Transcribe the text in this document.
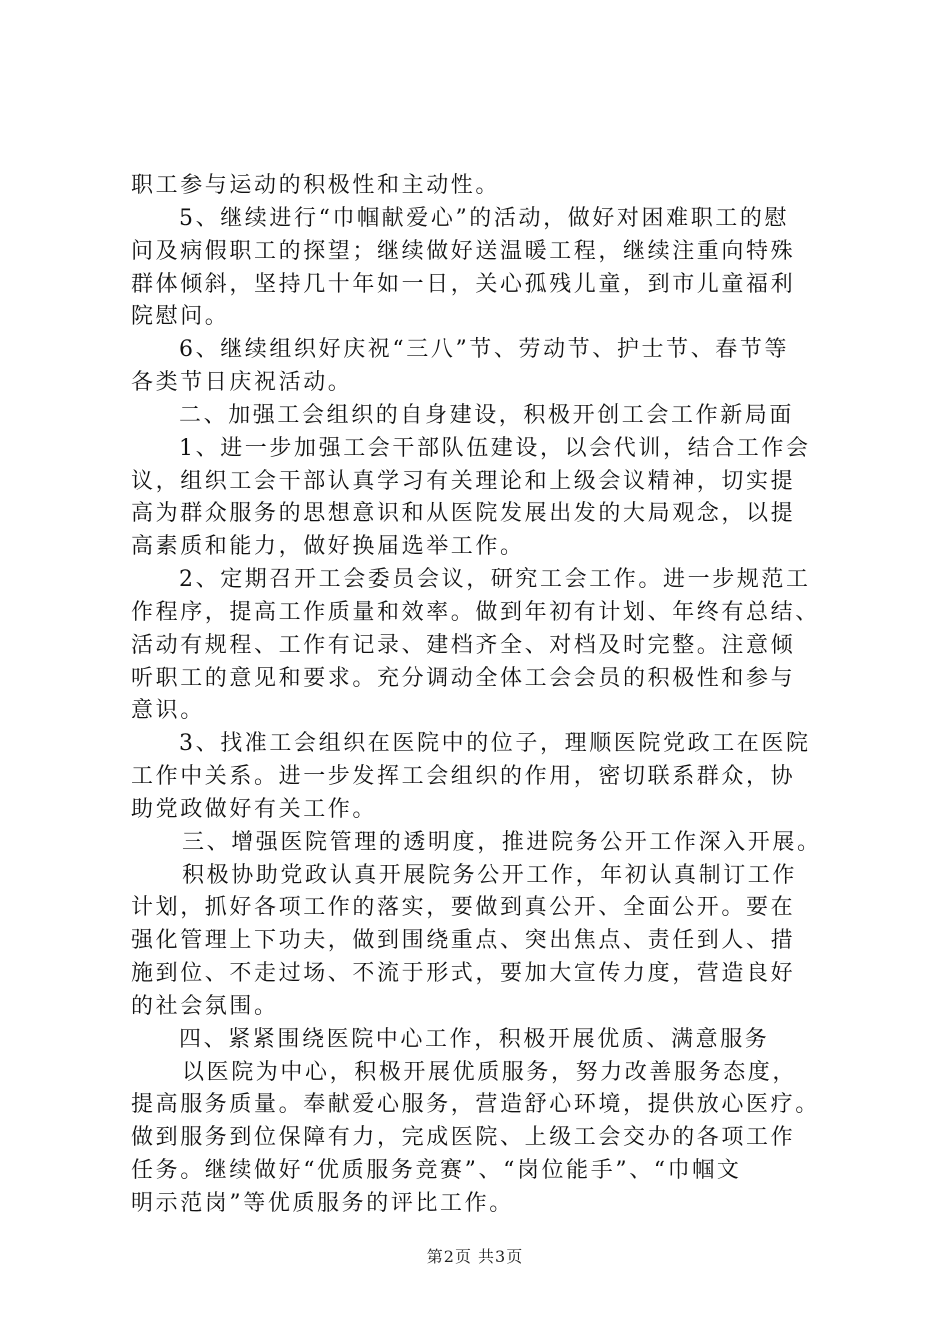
职工参与运动的积极性和主动性。
5、继续进行“巾帼献爱心”的活动，做好对困难职工的慰
问及病假职工的探望；继续做好送温暖工程，继续注重向特殊
群体倾斜，坚持几十年如一日，关心孤残儿童，到市儿童福利
院慰问。
6、继续组织好庆祝“三八”节、劳动节、护士节、春节等
各类节日庆祝活动。
二、加强工会组织的自身建设，积极开创工会工作新局面
1、进一步加强工会干部队伍建设，以会代训，结合工作会
议，组织工会干部认真学习有关理论和上级会议精神，切实提
高为群众服务的思想意识和从医院发展出发的大局观念，以提
高素质和能力，做好换届选举工作。
2、定期召开工会委员会议，研究工会工作。进一步规范工
作程序，提高工作质量和效率。做到年初有计划、年终有总结、
活动有规程、工作有记录、建档齐全、对档及时完整。注意倾
听职工的意见和要求。充分调动全体工会会员的积极性和参与
意识。
3、找准工会组织在医院中的位子，理顺医院党政工在医院
工作中关系。进一步发挥工会组织的作用，密切联系群众，协
助党政做好有关工作。
三、增强医院管理的透明度，推进院务公开工作深入开展。
积极协助党政认真开展院务公开工作，年初认真制订工作
计划，抓好各项工作的落实，要做到真公开、全面公开。要在
强化管理上下功夫，做到围绕重点、突出焦点、责任到人、措
施到位、不走过场、不流于形式，要加大宣传力度，营造良好
的社会氛围。
四、紧紧围绕医院中心工作，积极开展优质、满意服务
以医院为中心，积极开展优质服务，努力改善服务态度，
提高服务质量。奉献爱心服务，营造舒心环境，提供放心医疗。
做到服务到位保障有力，完成医院、上级工会交办的各项工作
任务。继续做好“优质服务竞赛”、“岗位能手”、“巾帼文
明示范岗”等优质服务的评比工作。
第2页 共3页
